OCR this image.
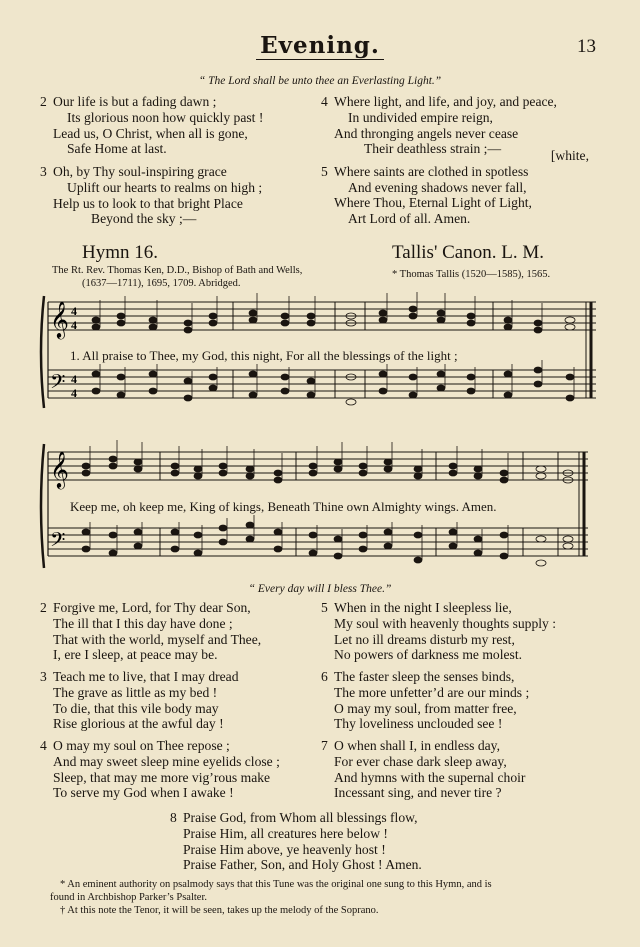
Evening.	13
“ The Lord shall be unto thee an Everlasting Light.”
2 Our life is but a fading dawn ;
Its glorious noon how quickly past !
Lead us, O Christ, when all is gone,
Safe Home at last.
3 Oh, by Thy soul-inspiring grace
Uplift our hearts to realms on high ;
Help us to look to that bright Place
Beyond the sky ;—
4 Where light, and life, and joy, and peace,
In undivided empire reign,
And thronging angels never cease
Their deathless strain ;—	[white,
5 Where saints are clothed in spotless
And evening shadows never fall,
Where Thou, Eternal Light of Light,
Art Lord of all. Amen.
Hymn 16.	Tallis' Canon. L. M.
The Rt. Rev. Thomas Ken, D.D., Bishop of Bath and Wells,
(1637—1711), 1695, 1709. Abridged.
* Thomas Tallis (1520—1585), 1565.
𝄞
𝄢
4
4
4
4
1. All praise to Thee, my God, this night, For all the blessings of the light ;
𝄞
𝄢
Keep me, oh keep me, King of kings, Beneath Thine own Almighty wings. Amen.
“ Every day will I bless Thee.”
2 Forgive me, Lord, for Thy dear Son,
The ill that I this day have done ;
That with the world, myself and Thee,
I, ere I sleep, at peace may be.
3 Teach me to live, that I may dread
The grave as little as my bed !
To die, that this vile body may
Rise glorious at the awful day !
4 O may my soul on Thee repose ;
And may sweet sleep mine eyelids close ;
Sleep, that may me more vig’rous make
To serve my God when I awake !
5 When in the night I sleepless lie,
My soul with heavenly thoughts supply :
Let no ill dreams disturb my rest,
No powers of darkness me molest.
6 The faster sleep the senses binds,
The more unfetter’d are our minds ;
O may my soul, from matter free,
Thy loveliness unclouded see !
7 O when shall I, in endless day,
For ever chase dark sleep away,
And hymns with the supernal choir
Incessant sing, and never tire ?
8 Praise God, from Whom all blessings flow,
Praise Him, all creatures here below !
Praise Him above, ye heavenly host !
Praise Father, Son, and Holy Ghost ! Amen.
* An eminent authority on psalmody says that this Tune was the original one sung to this Hymn, and is
found in Archbishop Parker’s Psalter.
† At this note the Tenor, it will be seen, takes up the melody of the Soprano.
